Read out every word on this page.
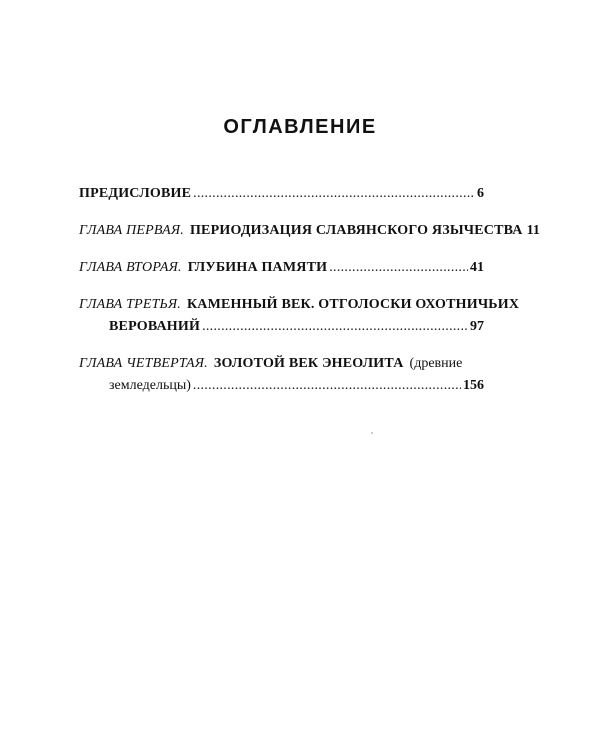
ОГЛАВЛЕНИЕ
ПРЕДИСЛОВИЕ . . .	6
ГЛАВА ПЕРВАЯ. ПЕРИОДИЗАЦИЯ СЛАВЯНСКОГО ЯЗЫЧЕСТВА 11
ГЛАВА ВТОРАЯ. ГЛУБИНА ПАМЯТИ . . .	41
ГЛАВА ТРЕТЬЯ. КАМЕННЫЙ ВЕК. ОТГОЛОСКИ ОХОТНИЧЬИХ
ВЕРОВАНИЙ . . .	97
ГЛАВА ЧЕТВЕРТАЯ. ЗОЛОТОЙ ВЕК ЭНЕОЛИТА (древние
земледельцы) . . .	156
